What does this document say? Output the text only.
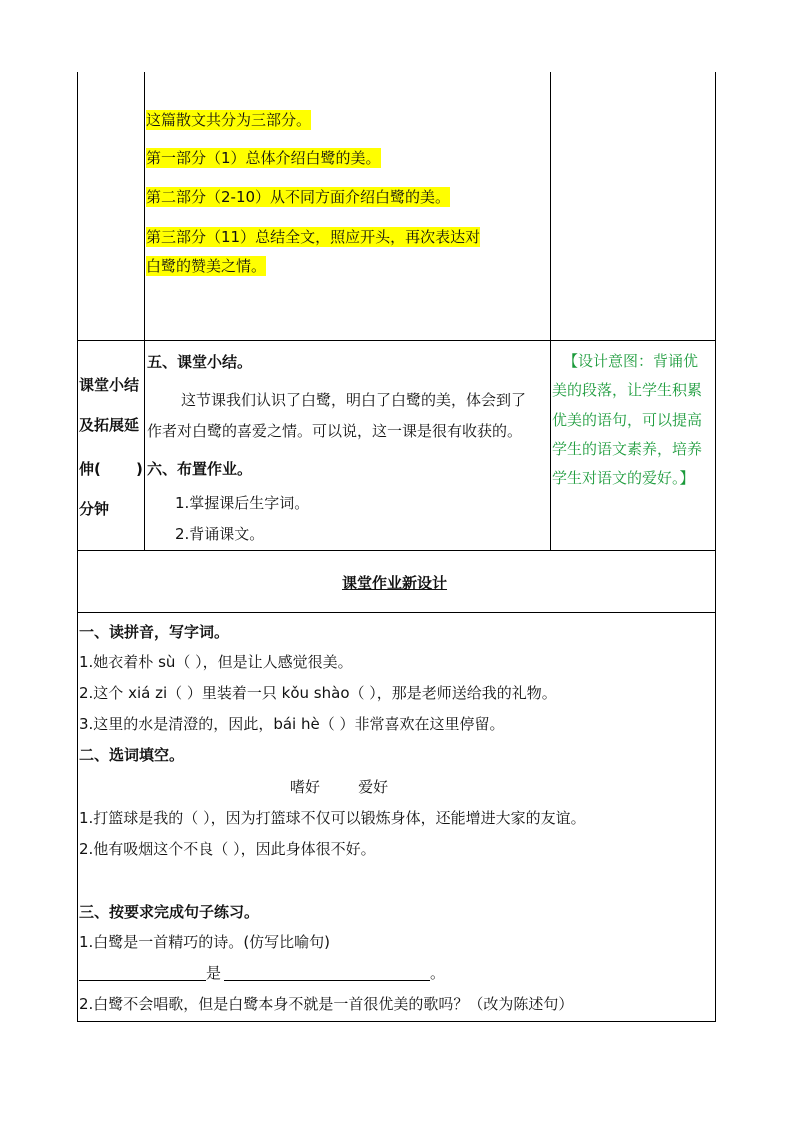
这篇散文共分为三部分。
第一部分（1）总体介绍白鹭的美。
第二部分（2-10）从不同方面介绍白鹭的美。
第三部分（11）总结全文，照应开头，再次表达对
白鹭的赞美之情。
课堂小结
及拓展延
伸( )
分钟
五、课堂小结。
这节课我们认识了白鹭，明白了白鹭的美，体会到了
作者对白鹭的喜爱之情。可以说，这一课是很有收获的。
六、布置作业。
1.掌握课后生字词。
2.背诵课文。
【设计意图：背诵优
美的段落，让学生积累
优美的语句，可以提高
学生的语文素养，培养
学生对语文的爱好。】
课堂作业新设计
一、读拼音，写字词。
1.她衣着朴 sù（ ），但是让人感觉很美。
2.这个 xiá zi（ ）里装着一只 kǒu shào（ ），那是老师送给我的礼物。
3.这里的水是清澄的，因此，bái hè（ ）非常喜欢在这里停留。
二、选词填空。
嗜好        爱好
1.打篮球是我的（ ），因为打篮球不仅可以锻炼身体，还能增进大家的友谊。
2.他有吸烟这个不良（ ），因此身体很不好。
三、按要求完成句子练习。
1.白鹭是一首精巧的诗。(仿写比喻句)
是	。
2.白鹭不会唱歌，但是白鹭本身不就是一首很优美的歌吗？（改为陈述句）
